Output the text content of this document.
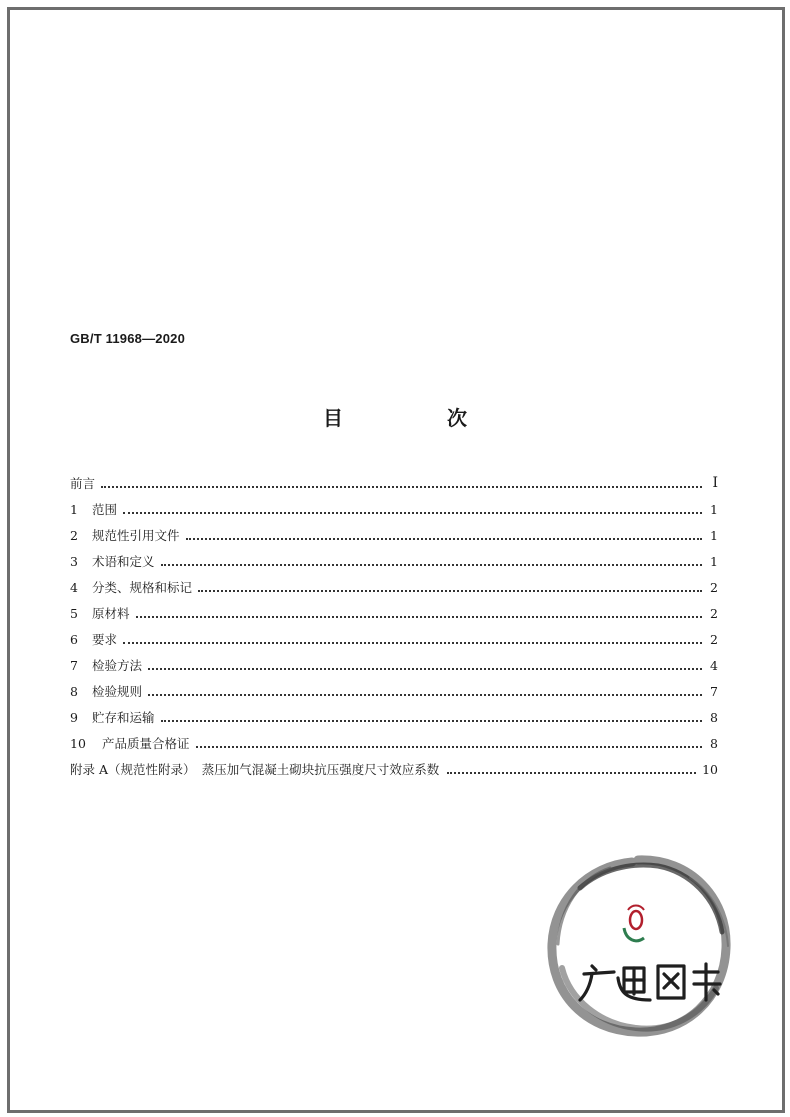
GB/T 11968—2020
目　次
前言	I
1	范围	1
2	规范性引用文件	1
3	术语和定义	1
4	分类、规格和标记	2
5	原材料	2
6	要求	2
7	检验方法	4
8	检验规则	7
9	贮存和运输	8
10	产品质量合格证	8
附录 A（规范性附录）　蒸压加气混凝土砌块抗压强度尺寸效应系数	10
